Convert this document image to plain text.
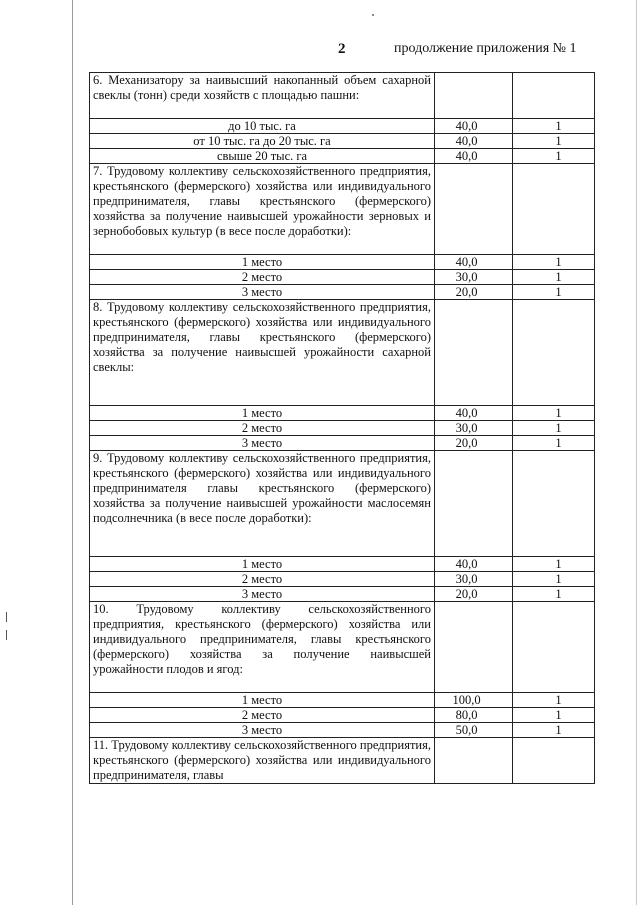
2	продолжение приложения № 1
6. Механизатору за наивысший накопанный объем сахарной свеклы (тонн) среди хозяйств с площадью пашни:		
до 10 тыс. га	40,0	1
от 10 тыс. га до 20 тыс. га	40,0	1
свыше 20 тыс. га	40,0	1
7. Трудовому коллективу сельскохозяйственного предприятия, крестьянского (фермерского) хозяйства или индивидуального предпринимателя, главы крестьянского (фермерского) хозяйства за получение наивысшей урожайности зерновых и зернобобовых культур (в весе после доработки):		
1 место	40,0	1
2 место	30,0	1
3 место	20,0	1
8. Трудовому коллективу сельскохозяйственного предприятия, крестьянского (фермерского) хозяйства или индивидуального предпринимателя, главы крестьянского (фермерского) хозяйства за получение наивысшей урожайности сахарной свеклы:		
1 место	40,0	1
2 место	30,0	1
3 место	20,0	1
9. Трудовому коллективу сельскохозяйственного предприятия, крестьянского (фермерского) хозяйства или индивидуального предпринимателя главы крестьянского (фермерского) хозяйства за получение наивысшей урожайности маслосемян подсолнечника (в весе после доработки):		
1 место	40,0	1
2 место	30,0	1
3 место	20,0	1
10. Трудовому коллективу сельскохозяйственного предприятия, крестьянского (фермерского) хозяйства или индивидуального предпринимателя, главы крестьянского (фермерского) хозяйства за получение наивысшей урожайности плодов и ягод:		
1 место	100,0	1
2 место	80,0	1
3 место	50,0	1
11. Трудовому коллективу сельскохозяйственного предприятия, крестьянского (фермерского) хозяйства или индивидуального предпринимателя, главы		
